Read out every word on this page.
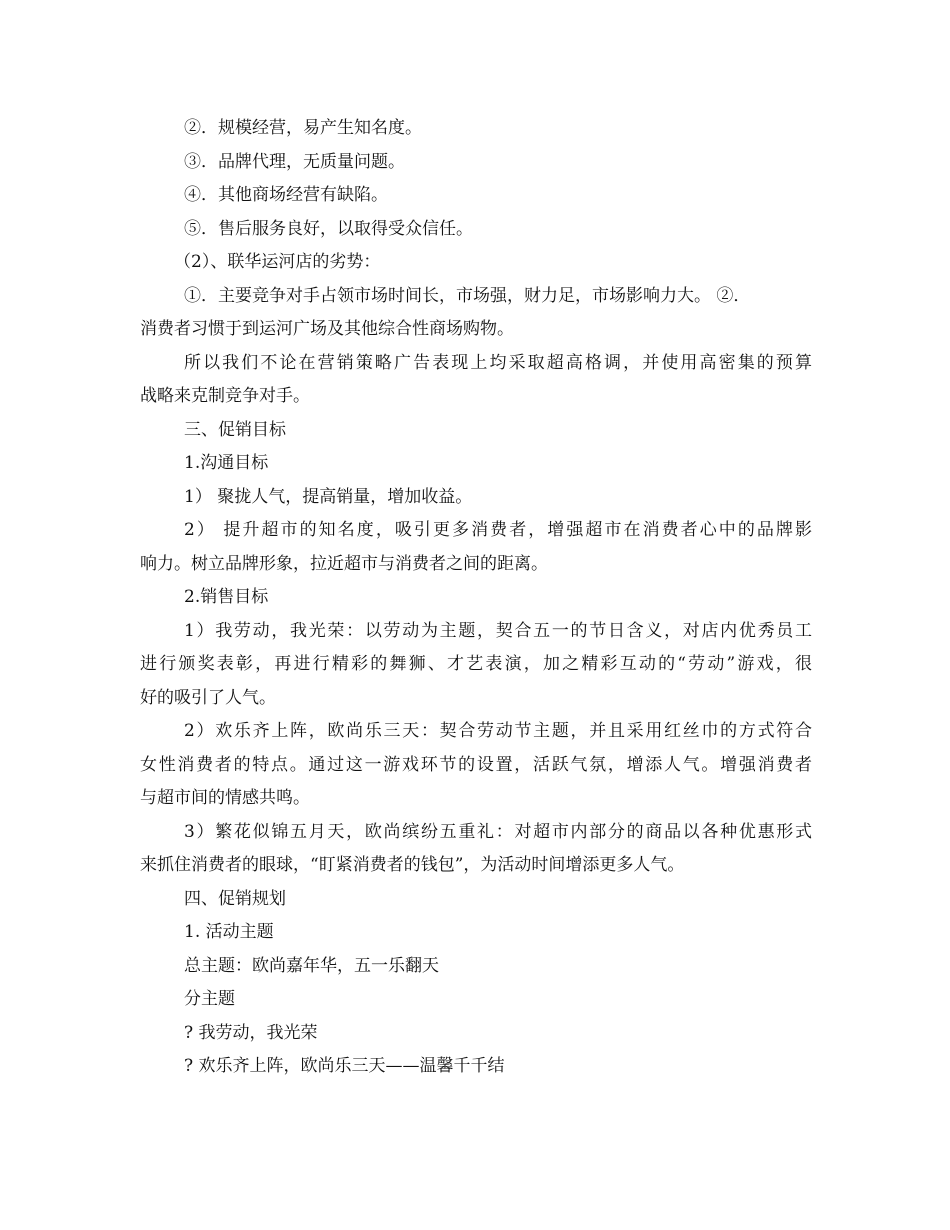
②．规模经营，易产生知名度。
③．品牌代理，无质量问题。
④．其他商场经营有缺陷。
⑤．售后服务良好，以取得受众信任。
（2）、联华运河店的劣势：
①．主要竞争对手占领市场时间长，市场强，财力足，市场影响力大。 ②．
消费者习惯于到运河广场及其他综合性商场购物。
所以我们不论在营销策略广告表现上均采取超高格调，并使用高密集的预算
战略来克制竞争对手。
三、促销目标
1.沟通目标
1） 聚拢人气，提高销量，增加收益。
2） 提升超市的知名度，吸引更多消费者，增强超市在消费者心中的品牌影
响力。树立品牌形象，拉近超市与消费者之间的距离。
2.销售目标
1）我劳动，我光荣：以劳动为主题，契合五一的节日含义，对店内优秀员工
进行颁奖表彰，再进行精彩的舞狮、才艺表演，加之精彩互动的“劳动”游戏，很
好的吸引了人气。
2）欢乐齐上阵，欧尚乐三天：契合劳动节主题，并且采用红丝巾的方式符合
女性消费者的特点。通过这一游戏环节的设置，活跃气氛，增添人气。增强消费者
与超市间的情感共鸣。
3）繁花似锦五月天，欧尚缤纷五重礼：对超市内部分的商品以各种优惠形式
来抓住消费者的眼球，“盯紧消费者的钱包”，为活动时间增添更多人气。
四、促销规划
1. 活动主题
总主题：欧尚嘉年华，五一乐翻天
分主题
? 我劳动，我光荣
? 欢乐齐上阵，欧尚乐三天——温馨千千结
